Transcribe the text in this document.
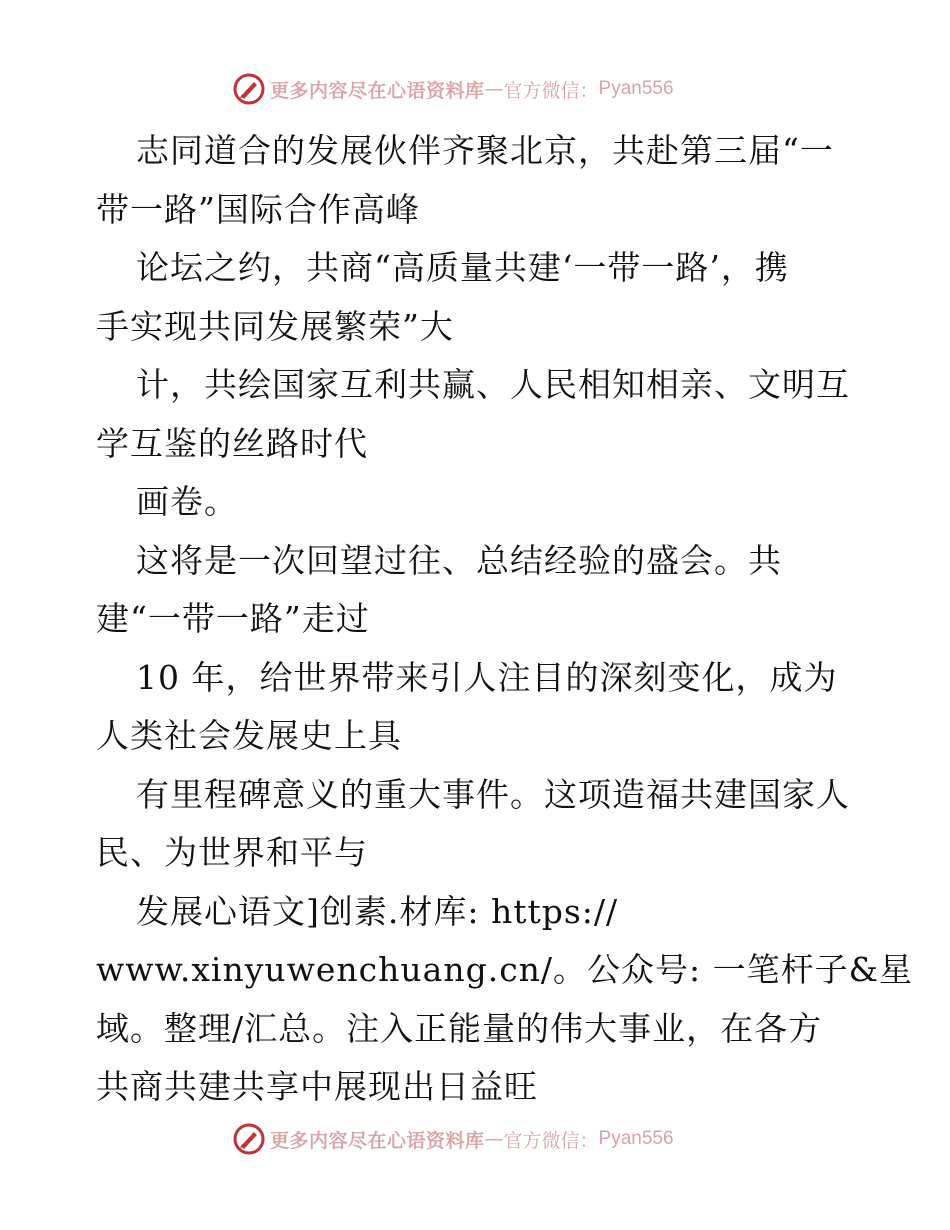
更多内容尽在心语资料库 — 官方微信： Pyan556
志同道合的发展伙伴齐聚北京，共赴第三届“一
带一路”国际合作高峰
论坛之约，共商“高质量共建‘一带一路’，携
手实现共同发展繁荣”大
计，共绘国家互利共赢、人民相知相亲、文明互
学互鉴的丝路时代
画卷。
这将是一次回望过往、总结经验的盛会。共
建“一带一路”走过
10 年，给世界带来引人注目的深刻变化，成为
人类社会发展史上具
有里程碑意义的重大事件。这项造福共建国家人
民、为世界和平与
发展心语文]创素.材库: https://
www.xinyuwenchuang.cn/。公众号: 一笔杆子&星
域。整理/汇总。注入正能量的伟大事业，在各方
共商共建共享中展现出日益旺
更多内容尽在心语资料库 — 官方微信： Pyan556
